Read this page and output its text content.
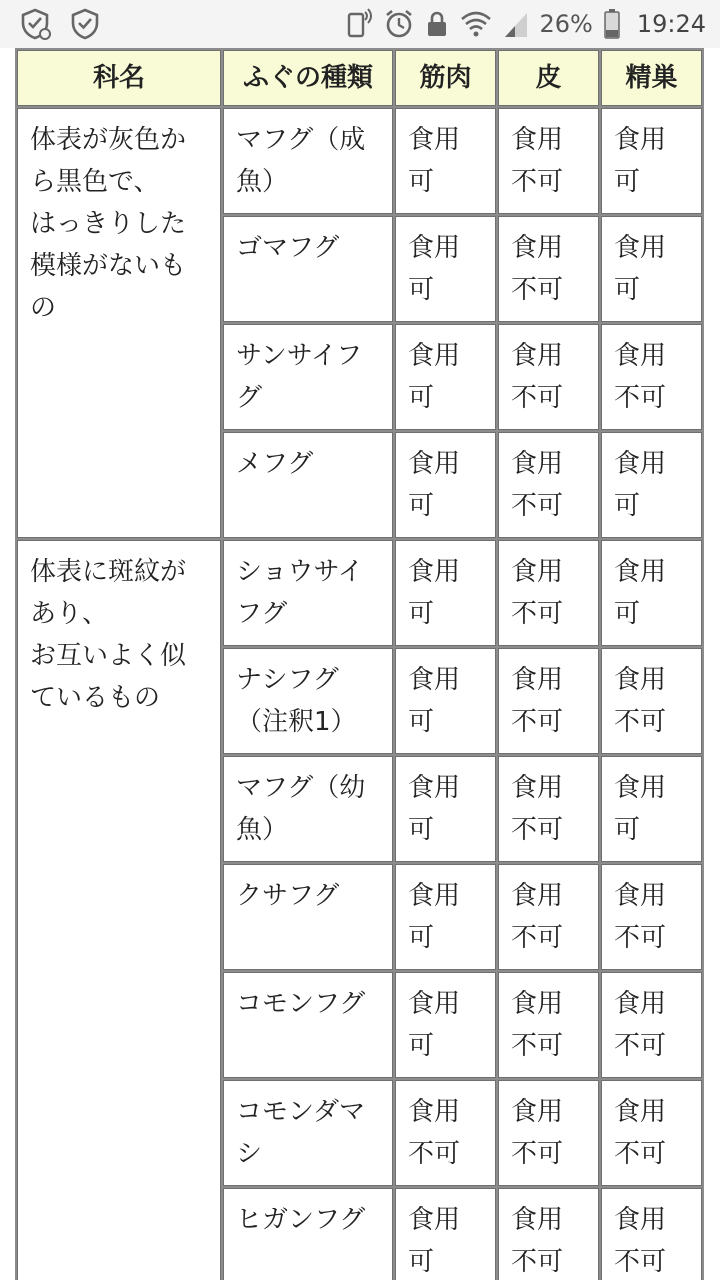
26% 19:24
科名	ふぐの種類	筋肉	皮	精巣
体表が灰色から黒色で、
はっきりした模様がないもの	マフグ（成魚）	食用可	食用不可	食用可
	ゴマフグ	食用可	食用不可	食用可
	サンサイフグ	食用可	食用不可	食用不可
	メフグ	食用可	食用不可	食用可
体表に斑紋があり、
お互いよく似ているもの	ショウサイフグ	食用可	食用不可	食用可
	ナシフグ（注釈1）	食用可	食用不可	食用不可
	マフグ（幼魚）	食用可	食用不可	食用可
	クサフグ	食用可	食用不可	食用不可
	コモンフグ	食用可	食用不可	食用不可
	コモンダマシ	食用不可	食用不可	食用不可
	ヒガンフグ	食用可	食用不可	食用不可
